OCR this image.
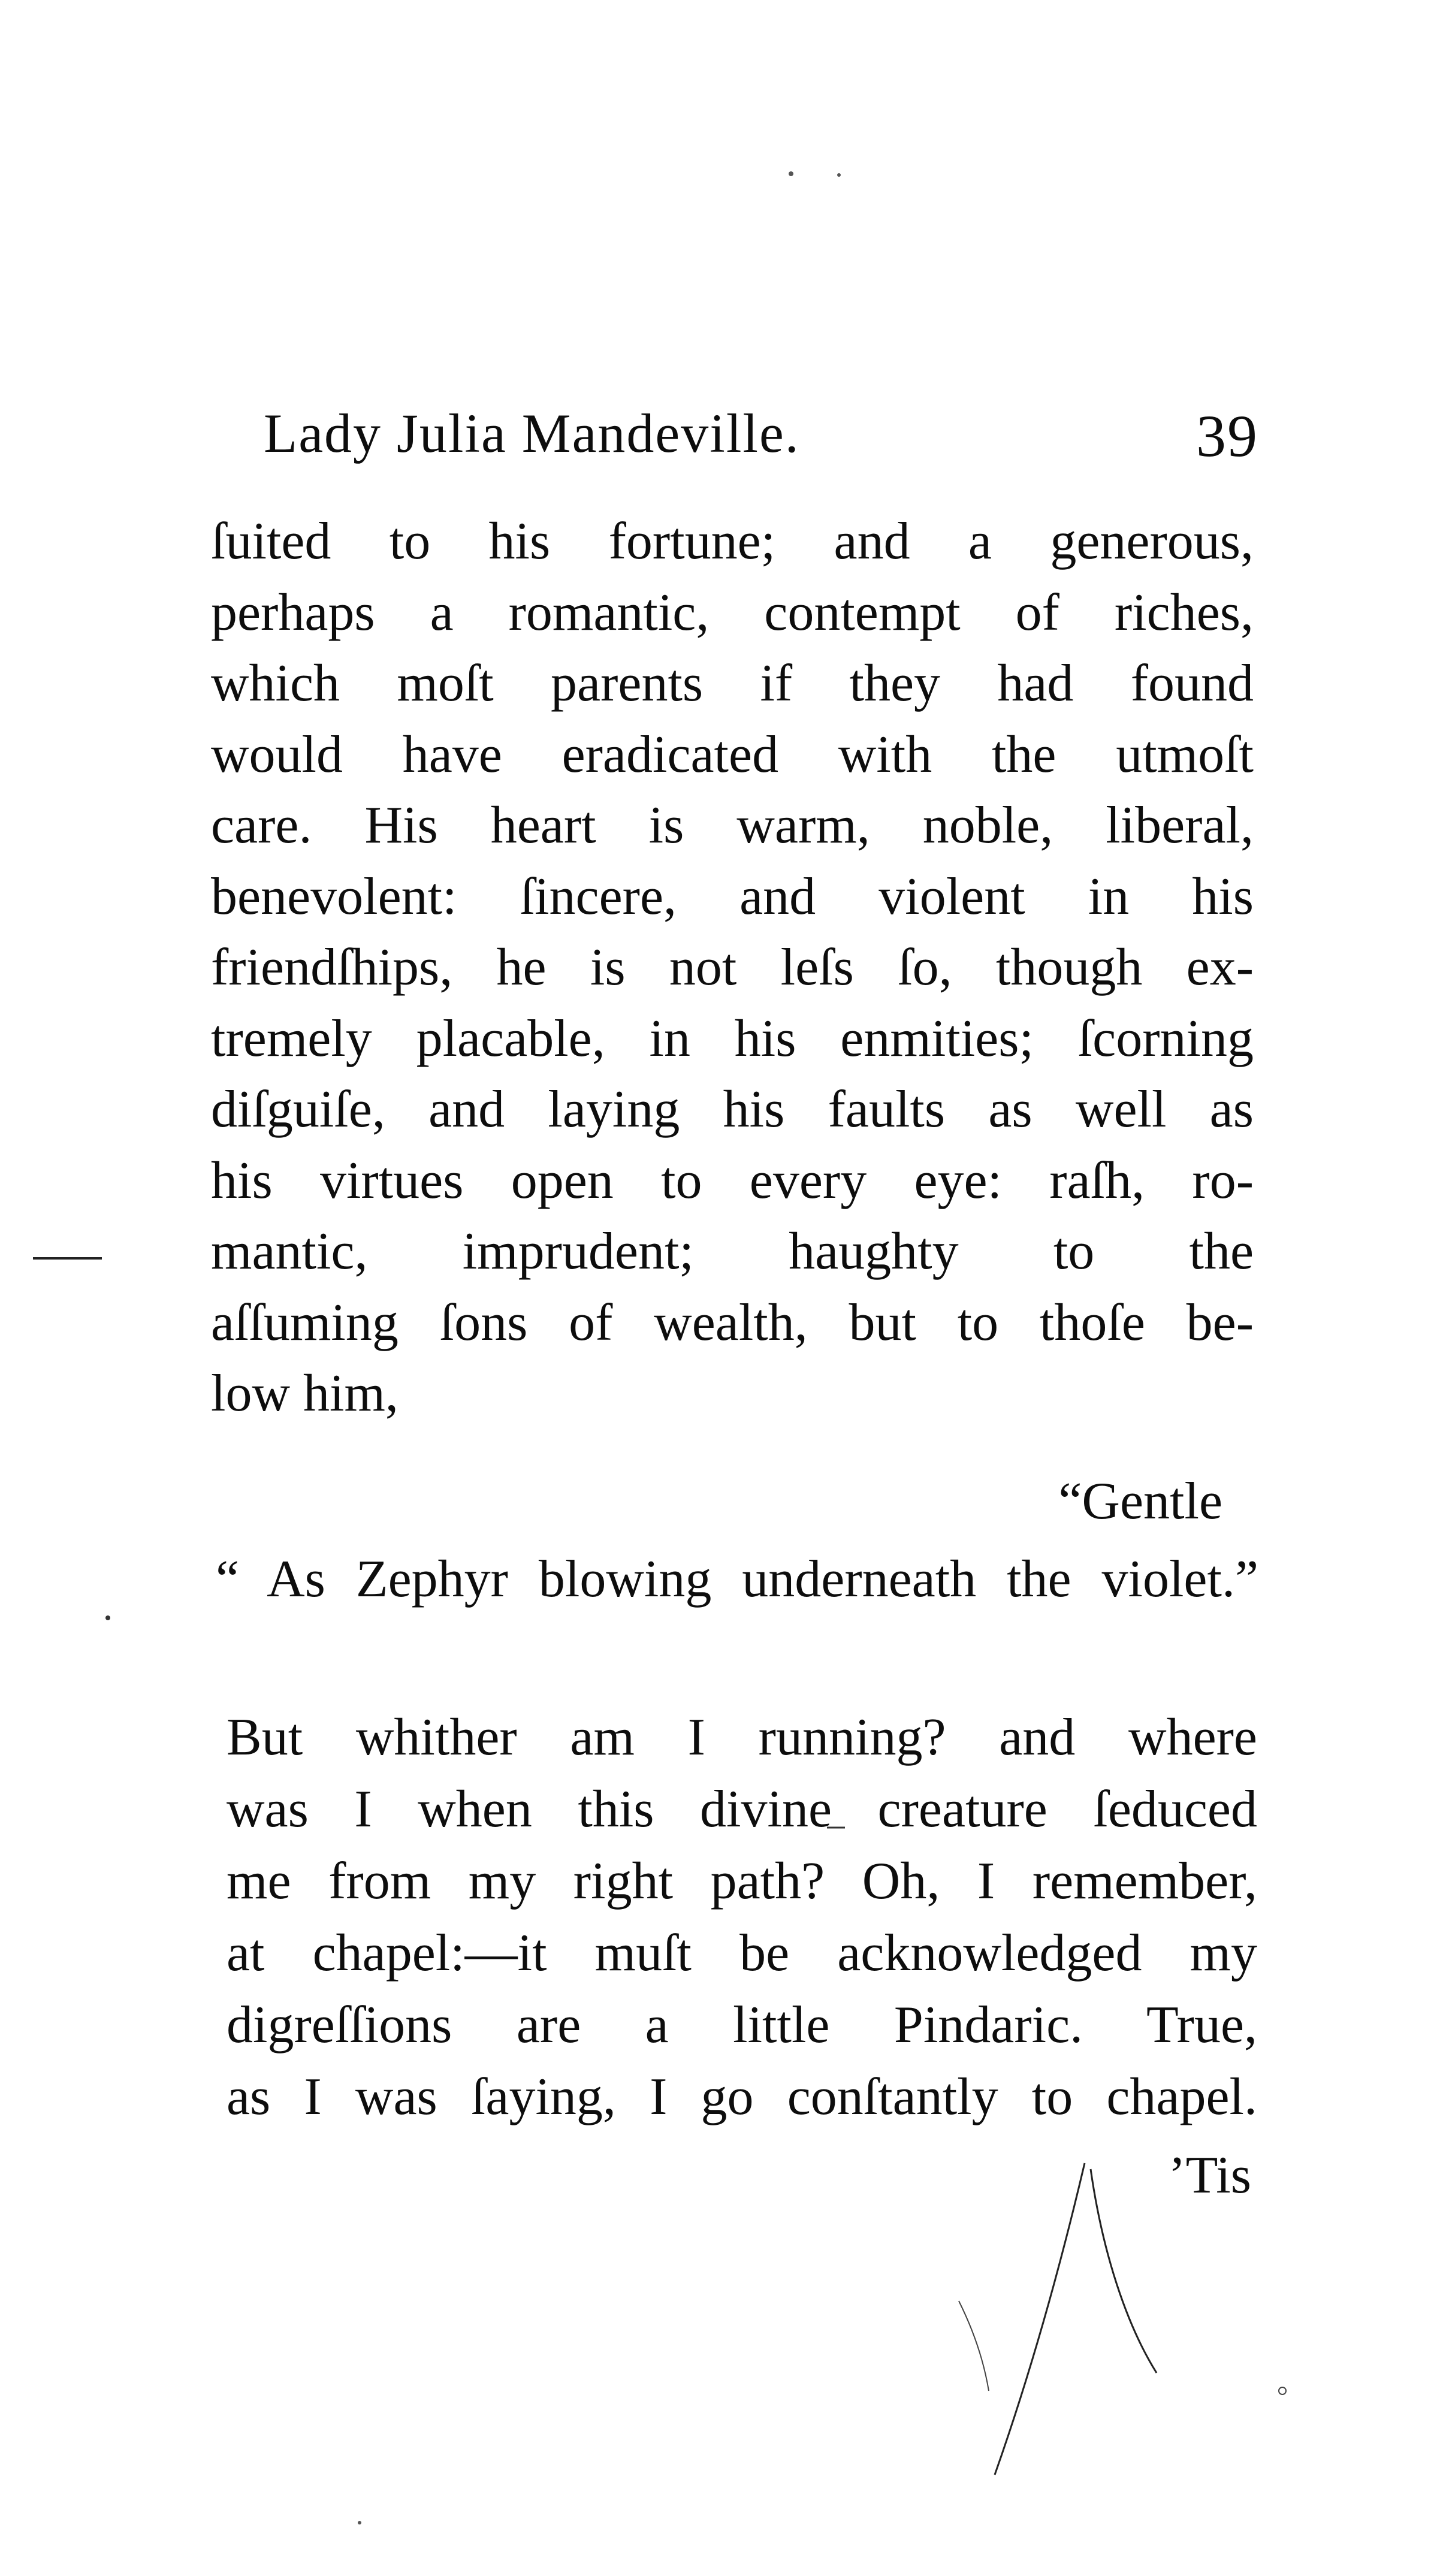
Lady Julia Mandeville.	39
ſuited to his fortune; and a generous,
perhaps a romantic, contempt of riches,
which moſt parents if they had found
would have eradicated with the utmoſt
care. His heart is warm, noble, liberal,
benevolent: ſincere, and violent in his
friendſhips, he is not leſs ſo, though ex-
tremely placable, in his enmities; ſcorning
diſguiſe, and laying his faults as well as
his virtues open to every eye: raſh, ro-
mantic, imprudent; haughty to the
aſſuming ſons of wealth, but to thoſe be-
low him,
“Gentle
“ As Zephyr blowing underneath the violet.”
But whither am I running? and where
was I when this divine creature ſeduced
me from my right path? Oh, I remember,
at chapel:—it muſt be acknowledged my
digreſſions are a little Pindaric. True,
as I was ſaying, I go conſtantly to chapel.
’Tis
